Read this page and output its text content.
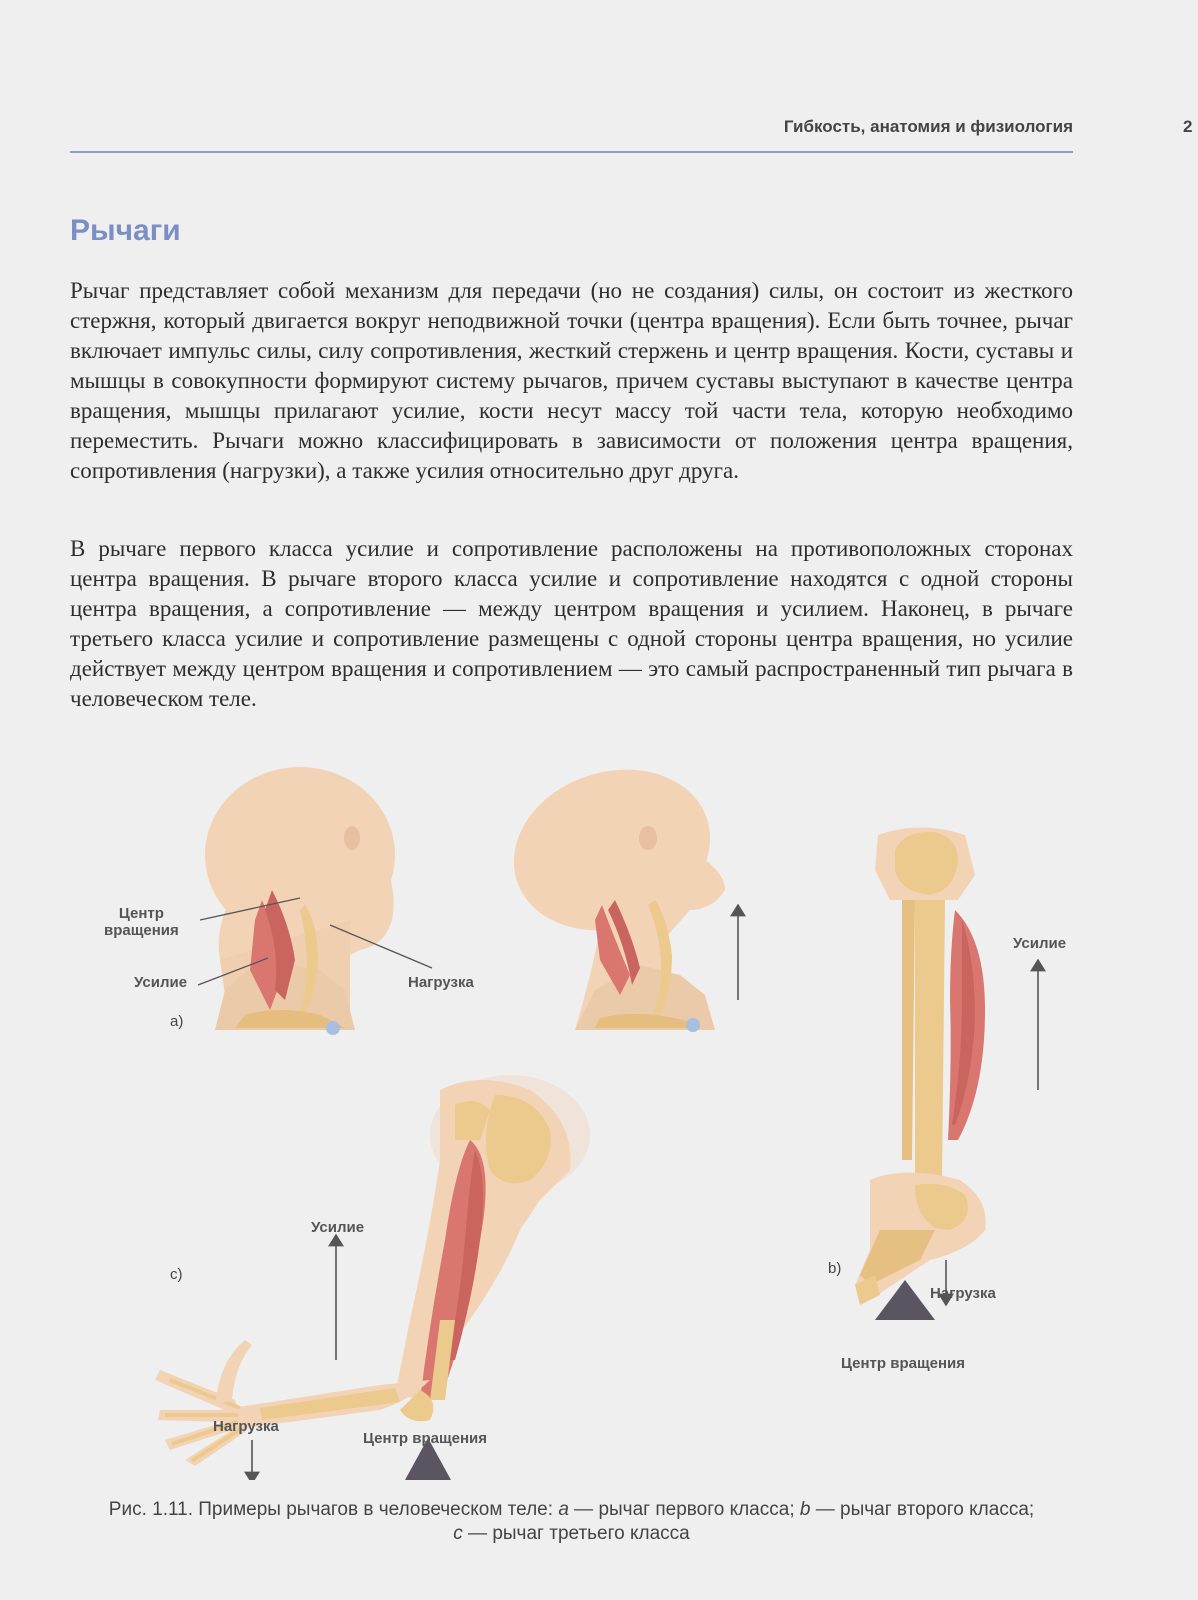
Гибкость, анатомия и физиология	2
Рычаги

Рычаг представляет собой механизм для передачи (но не создания) силы, он состоит из жесткого стержня, который двигается вокруг неподвижной точки (центра вращения). Если быть точнее, рычаг включает импульс силы, силу сопротивления, жесткий стержень и центр вращения. Кости, суставы и мышцы в совокупности формируют систему рычагов, причем суставы выступают в качестве центра вращения, мышцы прилагают усилие, кости несут массу той части тела, которую необходимо переместить. Рычаги можно классифицировать в зависимости от положения центра вращения, сопротивления (нагрузки), а также усилия относительно друг друга.

В рычаге первого класса усилие и сопротивление расположены на противоположных сторонах центра вращения. В рычаге второго класса усилие и сопротивление находятся с одной стороны центра вращения, а сопротивление — между центром вращения и усилием. Наконец, в рычаге третьего класса усилие и сопротивление размещены с одной стороны центра вращения, но усилие действует между центром вращения и сопротивлением — это самый распространенный тип рычага в человеческом теле.

Центр
вращения
Усилие	Нагрузка
a)
Усилие
b)
Нагрузка
Центр вращения
Усилие
c)
Нагрузка
Центр вращения
Рис. 1.11. Примеры рычагов в человеческом теле: a — рычаг первого класса; b — рычаг второго класса;
c — рычаг третьего класса
